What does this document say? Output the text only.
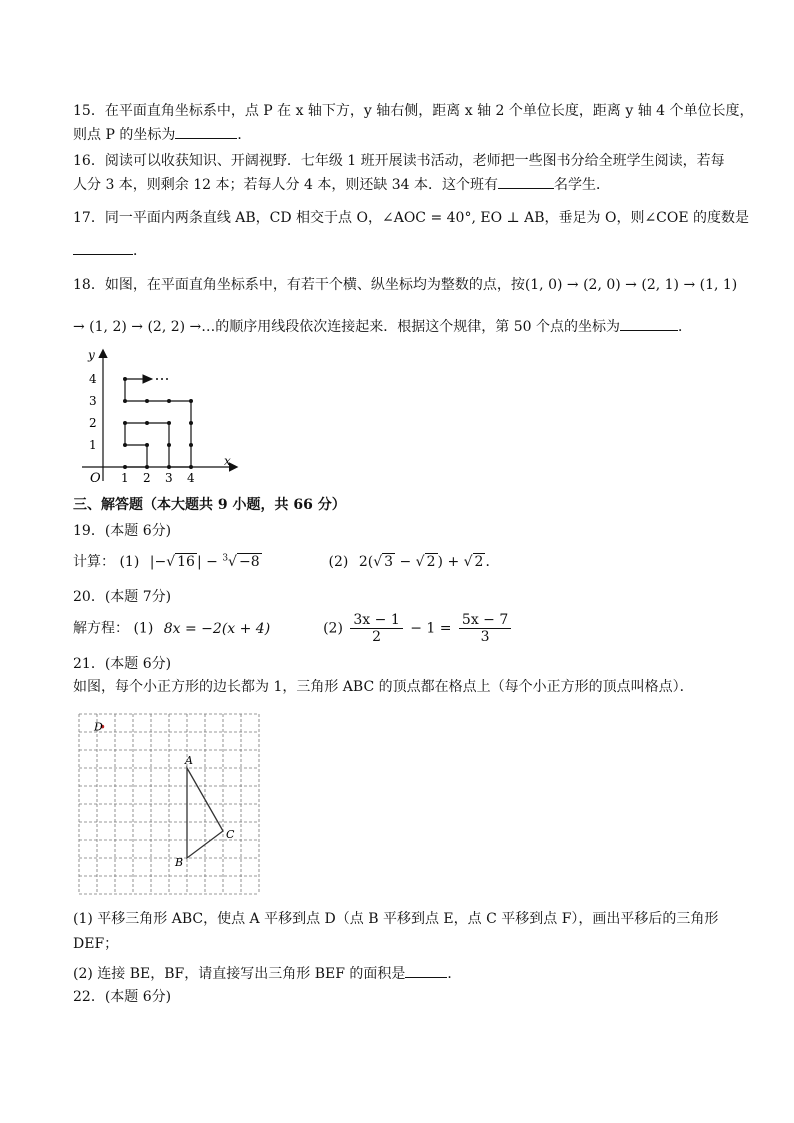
15．在平面直角坐标系中，点 P 在 x 轴下方，y 轴右侧，距离 x 轴 2 个单位长度，距离 y 轴 4 个单位长度，
则点 P 的坐标为	．
16．阅读可以收获知识、开阔视野．七年级 1 班开展读书活动，老师把一些图书分给全班学生阅读，若每
人分 3 本，则剩余 12 本；若每人分 4 本，则还缺 34 本．这个班有	名学生．
17．同一平面内两条直线 AB，CD 相交于点 O，∠AOC = 40°, EO ⊥ AB，垂足为 O，则∠COE 的度数是
．
18．如图，在平面直角坐标系中，有若干个横、纵坐标均为整数的点，按(1, 0) → (2, 0) → (2, 1) → (1, 1)
→ (1, 2) → (2, 2) →…的顺序用线段依次连接起来．根据这个规律，第 50 个点的坐标为	．
x
y
O 1 2 3 4
1
2
3
4
三、解答题（本大题共 9 小题，共 66 分）
19．(本题 6分)
计算： (1) |−√ 16 | − $^3$√ −8	(2) 2(√ 3 − √ 2 ) + √ 2 ．
20．(本题 7分)
解方程： (1) 8x = −2(x + 4)	$(2) \frac{3x - 1}{2} - 1 = \frac{5x - 7}{3}$
21．(本题 6分)
如图，每个小正方形的边长都为 1，三角形 ABC 的顶点都在格点上（每个小正方形的顶点叫格点）．
A
B
C
D
(1) 平移三角形 ABC，使点 A 平移到点 D（点 B 平移到点 E，点 C 平移到点 F），画出平移后的三角形
DEF；
(2) 连接 BE，BF，请直接写出三角形 BEF 的面积是	．
22．(本题 6分)
